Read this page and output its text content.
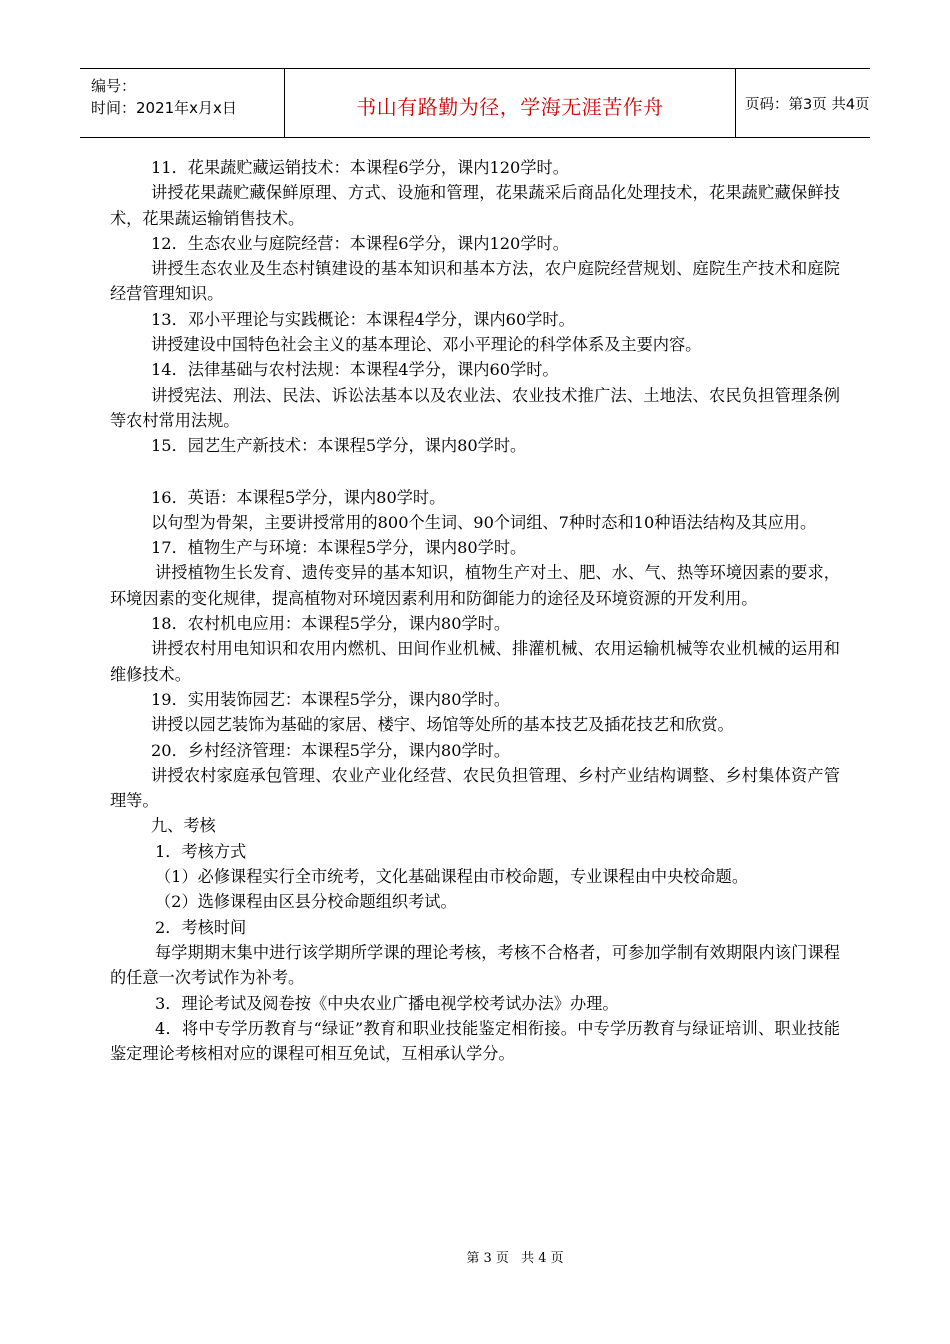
编号：
时间：2021年x月x日	书山有路勤为径，学海无涯苦作舟	页码：第3页 共4页

11．花果蔬贮藏运销技术：本课程6学分，课内120学时。

讲授花果蔬贮藏保鲜原理、方式、设施和管理，花果蔬采后商品化处理技术，花果蔬贮藏保鲜技术，花果蔬运输销售技术。

12．生态农业与庭院经营：本课程6学分，课内120学时。

讲授生态农业及生态村镇建设的基本知识和基本方法，农户庭院经营规划、庭院生产技术和庭院经营管理知识。

13．邓小平理论与实践概论：本课程4学分，课内60学时。

讲授建设中国特色社会主义的基本理论、邓小平理论的科学体系及主要内容。

14．法律基础与农村法规：本课程4学分，课内60学时。

讲授宪法、刑法、民法、诉讼法基本以及农业法、农业技术推广法、土地法、农民负担管理条例等农村常用法规。

15．园艺生产新技术：本课程5学分，课内80学时。

16．英语：本课程5学分，课内80学时。

以句型为骨架，主要讲授常用的800个生词、90个词组、7种时态和10种语法结构及其应用。

17．植物生产与环境：本课程5学分，课内80学时。

讲授植物生长发育、遗传变异的基本知识，植物生产对土、肥、水、气、热等环境因素的要求，环境因素的变化规律，提高植物对环境因素利用和防御能力的途径及环境资源的开发利用。

18．农村机电应用：本课程5学分，课内80学时。

讲授农村用电知识和农用内燃机、田间作业机械、排灌机械、农用运输机械等农业机械的运用和维修技术。

19．实用装饰园艺：本课程5学分，课内80学时。

讲授以园艺装饰为基础的家居、楼宇、场馆等处所的基本技艺及插花技艺和欣赏。

20．乡村经济管理：本课程5学分，课内80学时。

讲授农村家庭承包管理、农业产业化经营、农民负担管理、乡村产业结构调整、乡村集体资产管理等。

九、考核

1．考核方式

（1）必修课程实行全市统考，文化基础课程由市校命题，专业课程由中央校命题。

（2）选修课程由区县分校命题组织考试。

2．考核时间

每学期期末集中进行该学期所学课的理论考核，考核不合格者，可参加学制有效期限内该门课程的任意一次考试作为补考。

3．理论考试及阅卷按《中央农业广播电视学校考试办法》办理。

4．将中专学历教育与“绿证”教育和职业技能鉴定相衔接。中专学历教育与绿证培训、职业技能鉴定理论考核相对应的课程可相互免试，互相承认学分。

第 3 页 共 4 页
